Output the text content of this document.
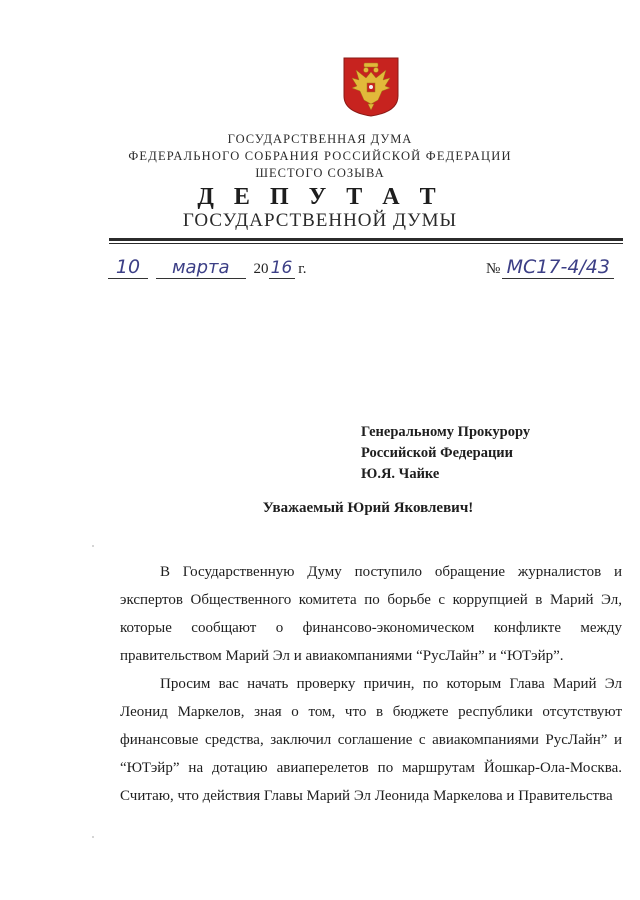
ГОСУДАРСТВЕННАЯ ДУМА
ФЕДЕРАЛЬНОГО СОБРАНИЯ РОССИЙСКОЙ ФЕДЕРАЦИИ
ШЕСТОГО СОЗЫВА
Д Е П У Т А Т
ГОСУДАРСТВЕННОЙ ДУМЫ
10 марта 20 16 г.	№ МС17-4/43
Генеральному Прокурору
Российской Федерации
Ю.Я. Чайке
Уважаемый Юрий Яковлевич!

В Государственную Думу поступило обращение журналистов и экспертов Общественного комитета по борьбе с коррупцией в Марий Эл, которые сообщают о финансово-экономическом конфликте между правительством Марий Эл и авиакомпаниями “РусЛайн” и “ЮТэйр”.

Просим вас начать проверку причин, по которым Глава Марий Эл Леонид Маркелов, зная о том, что в бюджете республики отсутствуют финансовые средства, заключил соглашение с авиакомпаниями РусЛайн” и “ЮТэйр” на дотацию авиаперелетов по маршрутам Йошкар-Ола-Москва. Считаю, что действия Главы Марий Эл Леонида Маркелова и Правительства
